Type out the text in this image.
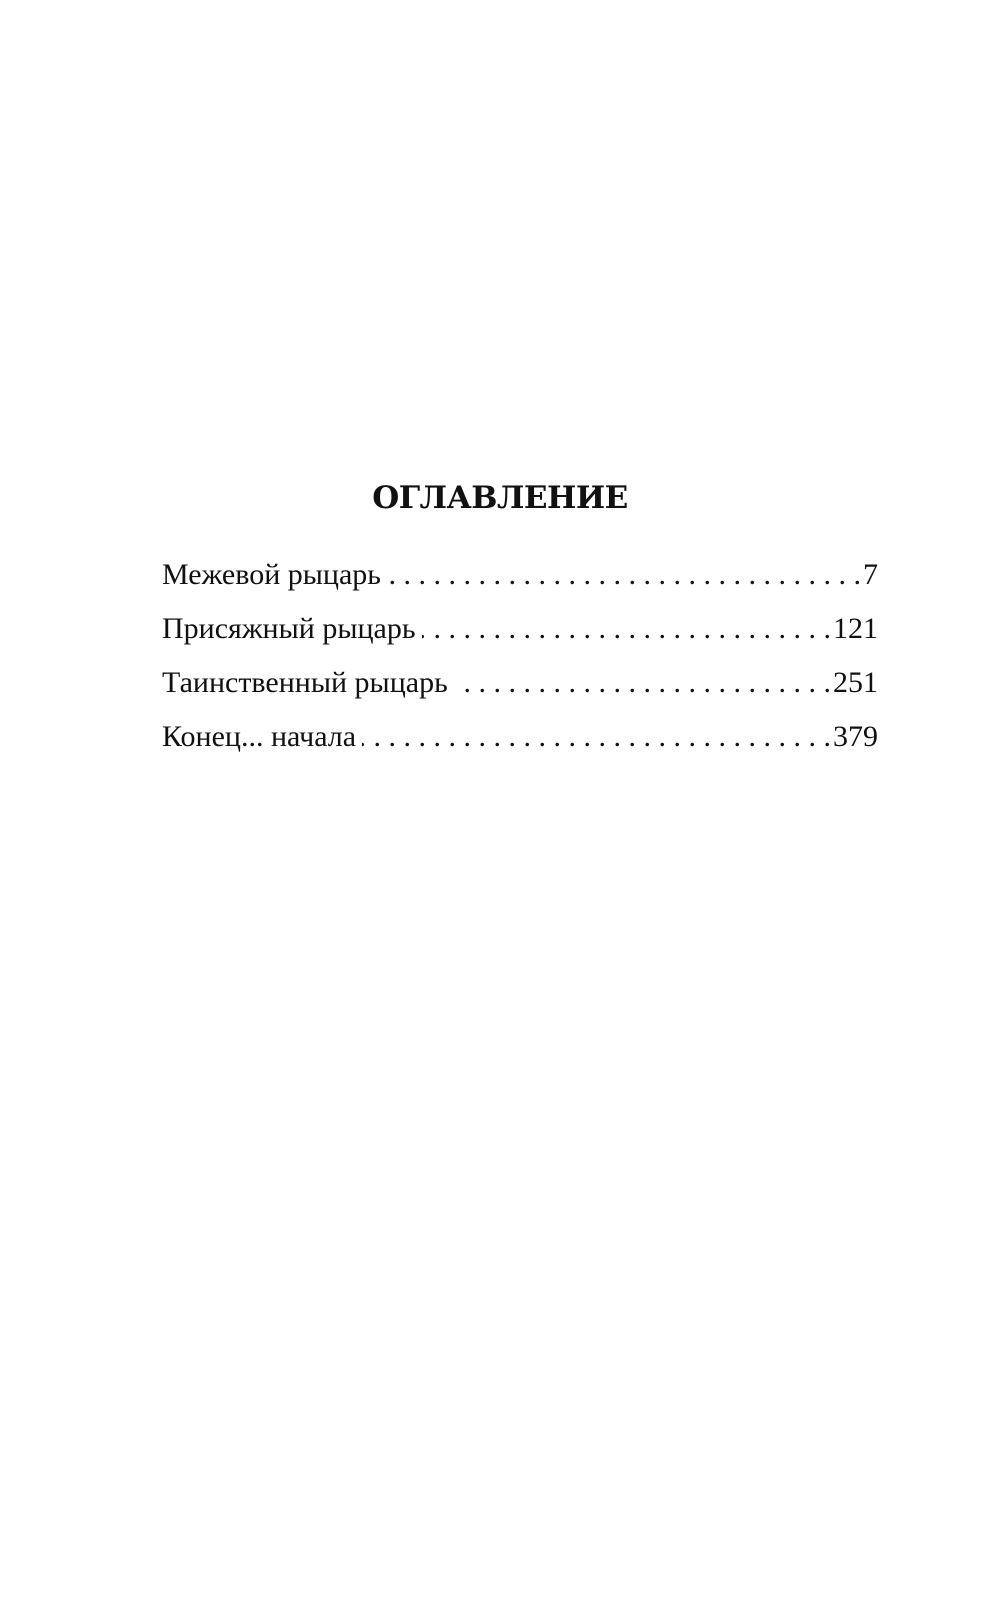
ОГЛАВЛЕНИЕ
Межевой рыцарь . . .	7
Присяжный рыцарь . . .	121
Таинственный рыцарь . . .	251
Конец... начала . . .	379
